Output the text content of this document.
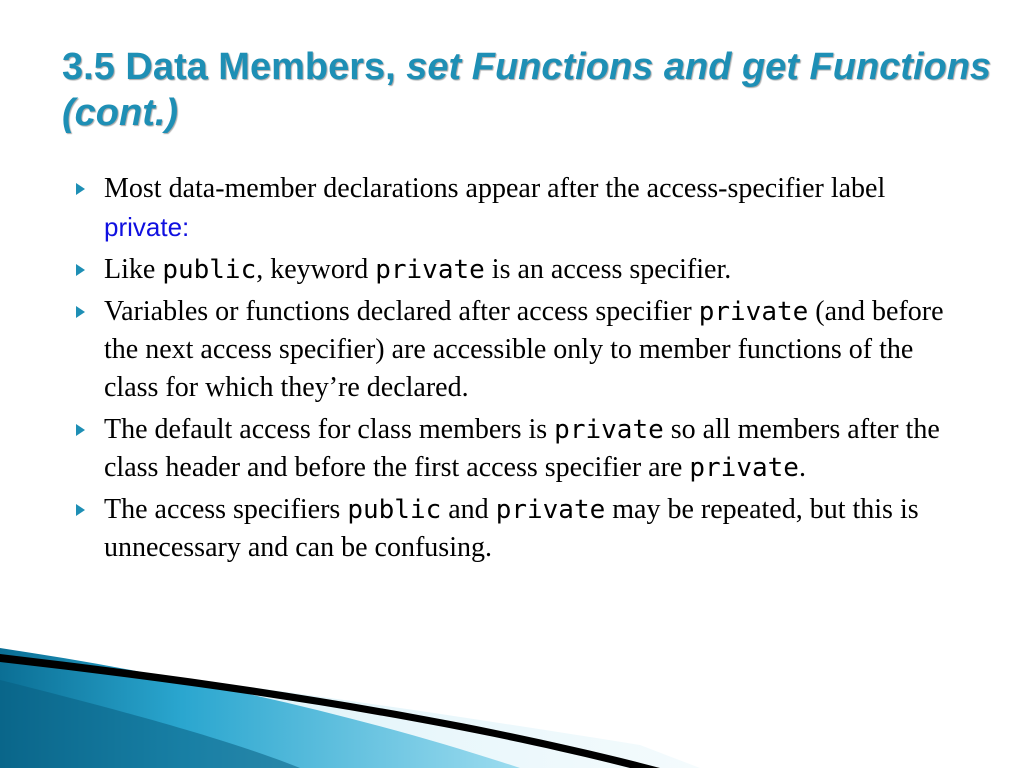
3.5 Data Members, set Functions and get Functions (cont.)
Most data-member declarations appear after the access-specifier label private:
Like public, keyword private is an access specifier.
Variables or functions declared after access specifier private (and before the next access specifier) are accessible only to member functions of the class for which they’re declared.
The default access for class members is private so all members after the class header and before the first access specifier are private.
The access specifiers public and private may be repeated, but this is unnecessary and can be confusing.
